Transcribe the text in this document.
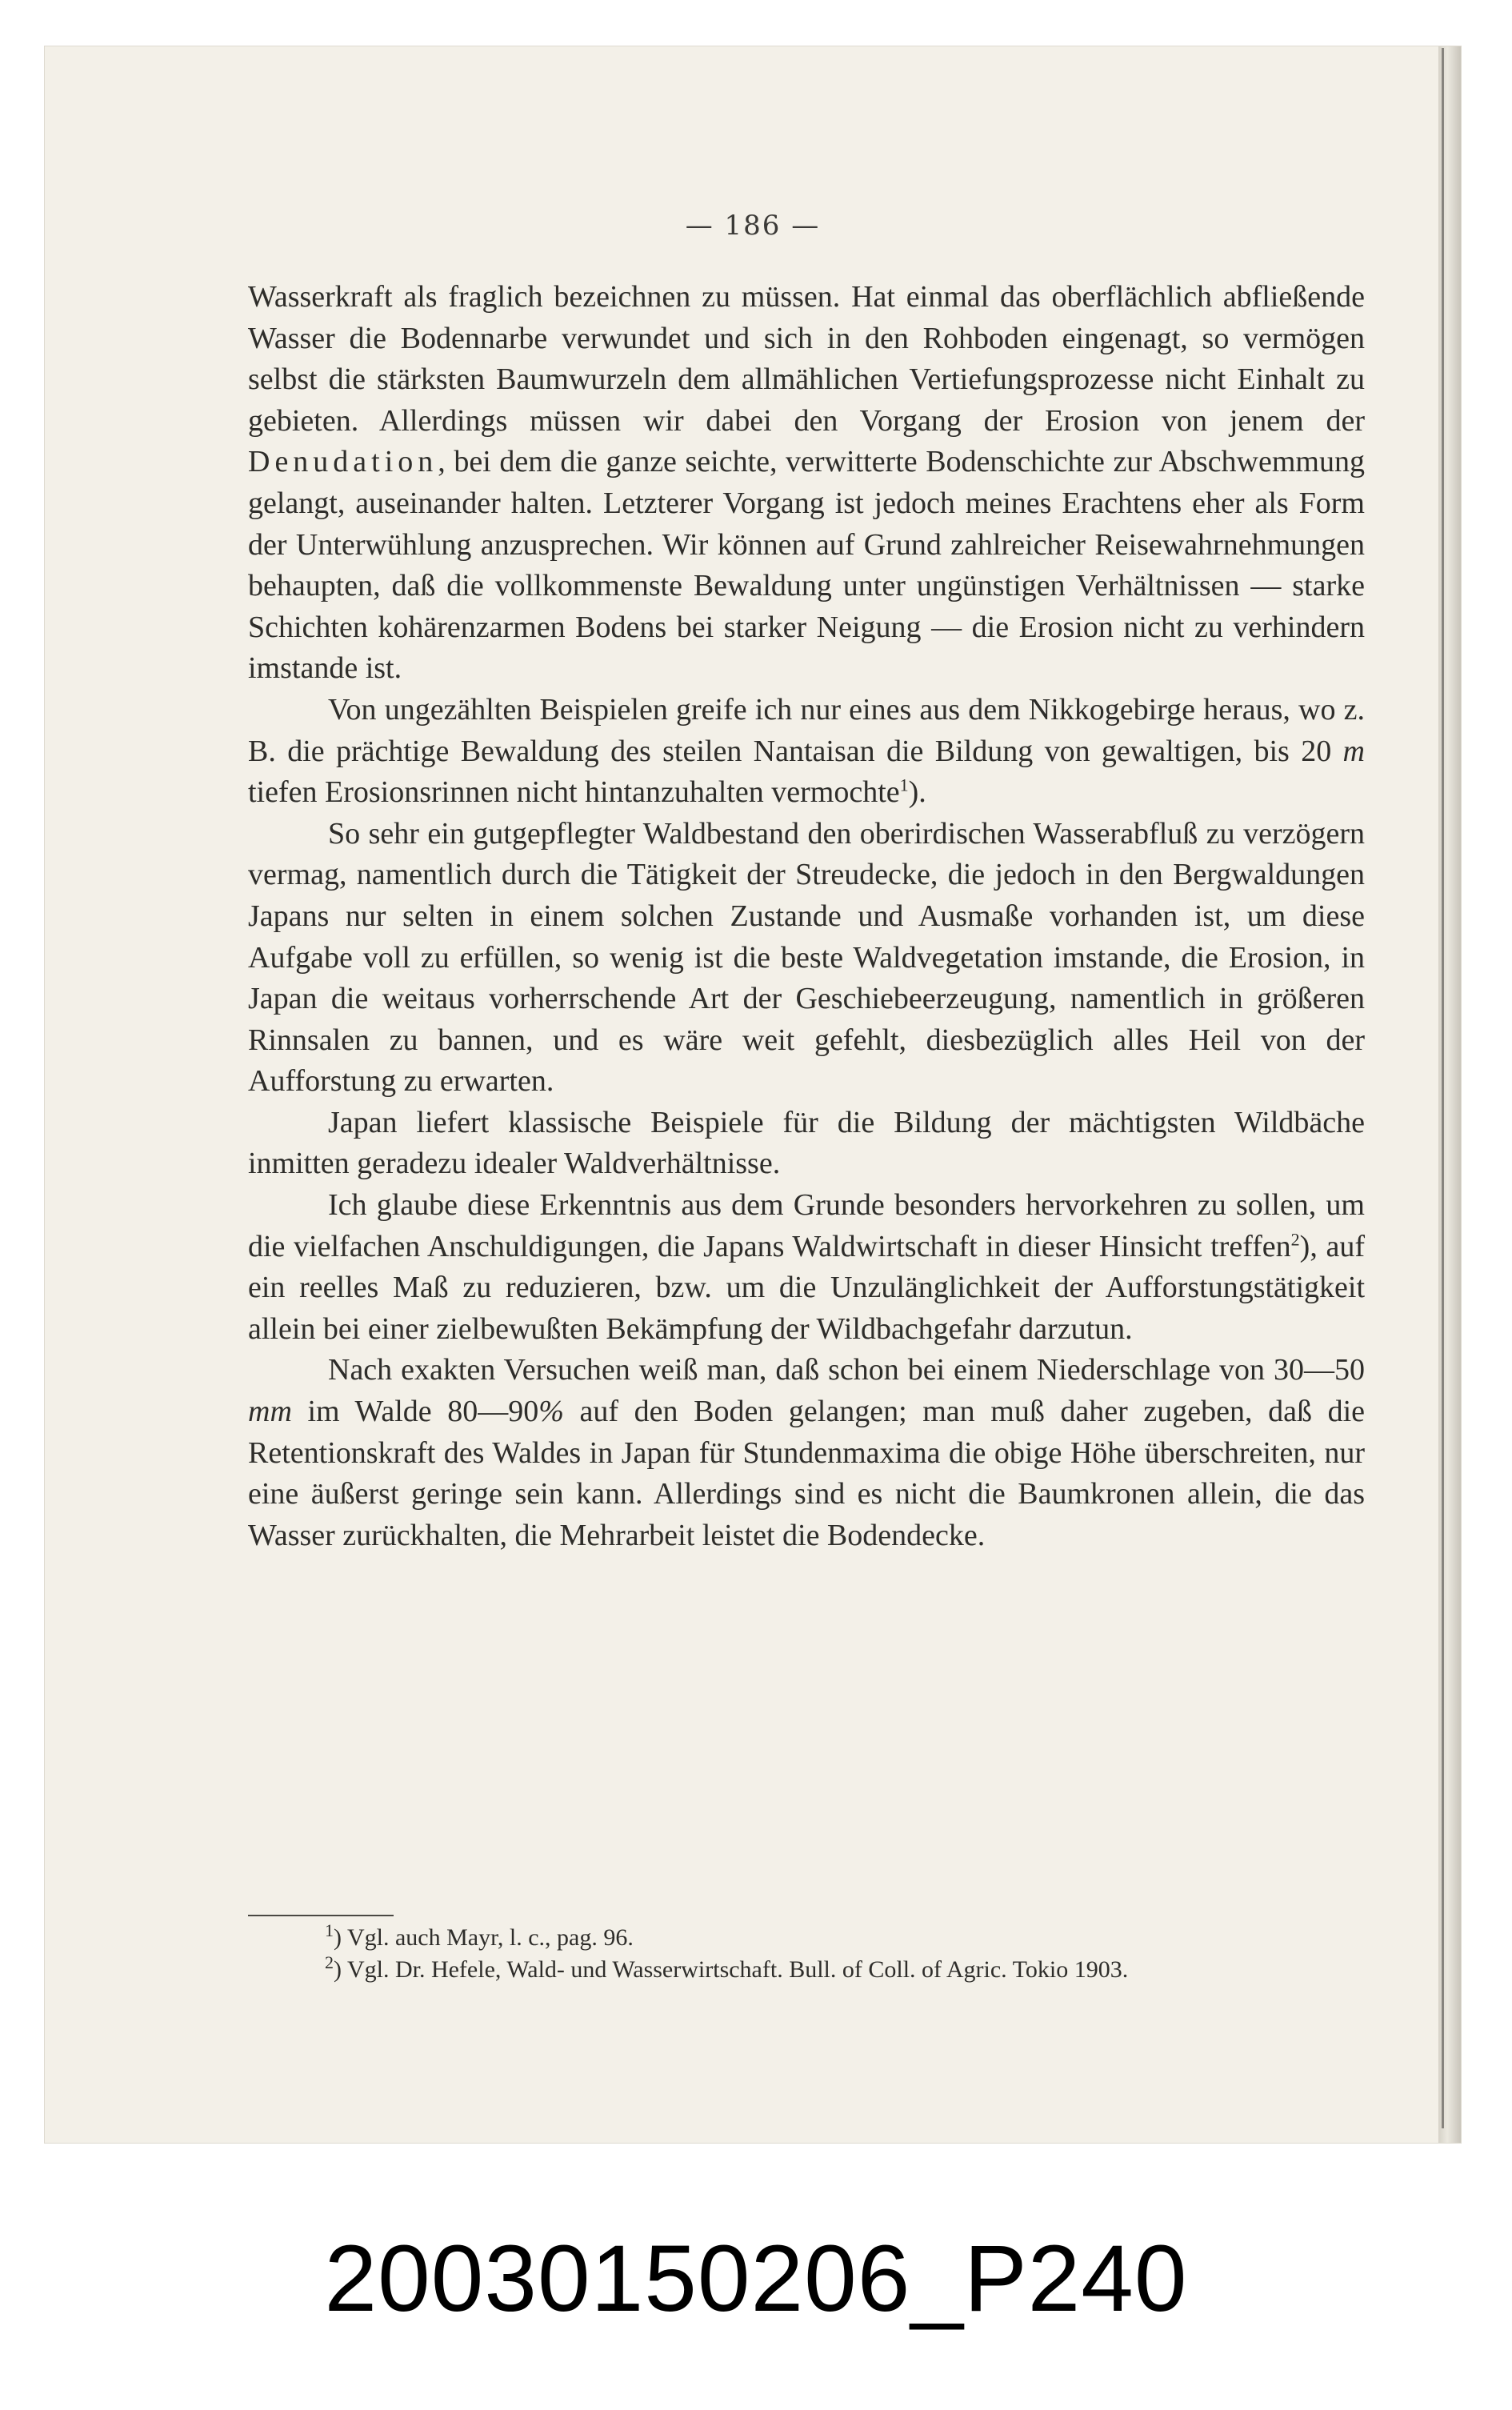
— 186 —

Wasserkraft als fraglich bezeichnen zu müssen. Hat einmal das oberflächlich abfließende Wasser die Bodennarbe verwundet und sich in den Rohboden eingenagt, so vermögen selbst die stärksten Baumwurzeln dem allmählichen Vertiefungsprozesse nicht Einhalt zu gebieten. Allerdings müssen wir dabei den Vorgang der Erosion von jenem der Denudation, bei dem die ganze seichte, verwitterte Bodenschichte zur Abschwemmung gelangt, auseinander halten. Letzterer Vorgang ist jedoch meines Erachtens eher als Form der Unterwühlung anzusprechen. Wir können auf Grund zahlreicher Reisewahrnehmungen behaupten, daß die vollkommenste Bewaldung unter ungünstigen Verhältnissen — starke Schichten kohärenzarmen Bodens bei starker Neigung — die Erosion nicht zu verhindern imstande ist.

Von ungezählten Beispielen greife ich nur eines aus dem Nikkogebirge heraus, wo z. B. die prächtige Bewaldung des steilen Nantaisan die Bildung von gewaltigen, bis 20 m tiefen Erosionsrinnen nicht hintanzuhalten vermochte$^1$).

So sehr ein gutgepflegter Waldbestand den oberirdischen Wasserabfluß zu verzögern vermag, namentlich durch die Tätigkeit der Streudecke, die jedoch in den Bergwaldungen Japans nur selten in einem solchen Zustande und Ausmaße vorhanden ist, um diese Aufgabe voll zu erfüllen, so wenig ist die beste Waldvegetation imstande, die Erosion, in Japan die weitaus vorherrschende Art der Geschiebeerzeugung, namentlich in größeren Rinnsalen zu bannen, und es wäre weit gefehlt, diesbezüglich alles Heil von der Aufforstung zu erwarten.

Japan liefert klassische Beispiele für die Bildung der mächtigsten Wildbäche inmitten geradezu idealer Waldverhältnisse.

Ich glaube diese Erkenntnis aus dem Grunde besonders hervorkehren zu sollen, um die vielfachen Anschuldigungen, die Japans Waldwirtschaft in dieser Hinsicht treffen$^2$), auf ein reelles Maß zu reduzieren, bzw. um die Unzulänglichkeit der Aufforstungstätigkeit allein bei einer zielbewußten Bekämpfung der Wildbachgefahr darzutun.

Nach exakten Versuchen weiß man, daß schon bei einem Niederschlage von 30—50 mm im Walde 80—90% auf den Boden gelangen; man muß daher zugeben, daß die Retentionskraft des Waldes in Japan für Stundenmaxima die obige Höhe überschreiten, nur eine äußerst geringe sein kann. Allerdings sind es nicht die Baumkronen allein, die das Wasser zurückhalten, die Mehrarbeit leistet die Bodendecke.

$^1$) Vgl. auch Mayr, l. c., pag. 96.

$^2$) Vgl. Dr. Hefele, Wald- und Wasserwirtschaft. Bull. of Coll. of Agric. Tokio 1903.

20030150206_P240
